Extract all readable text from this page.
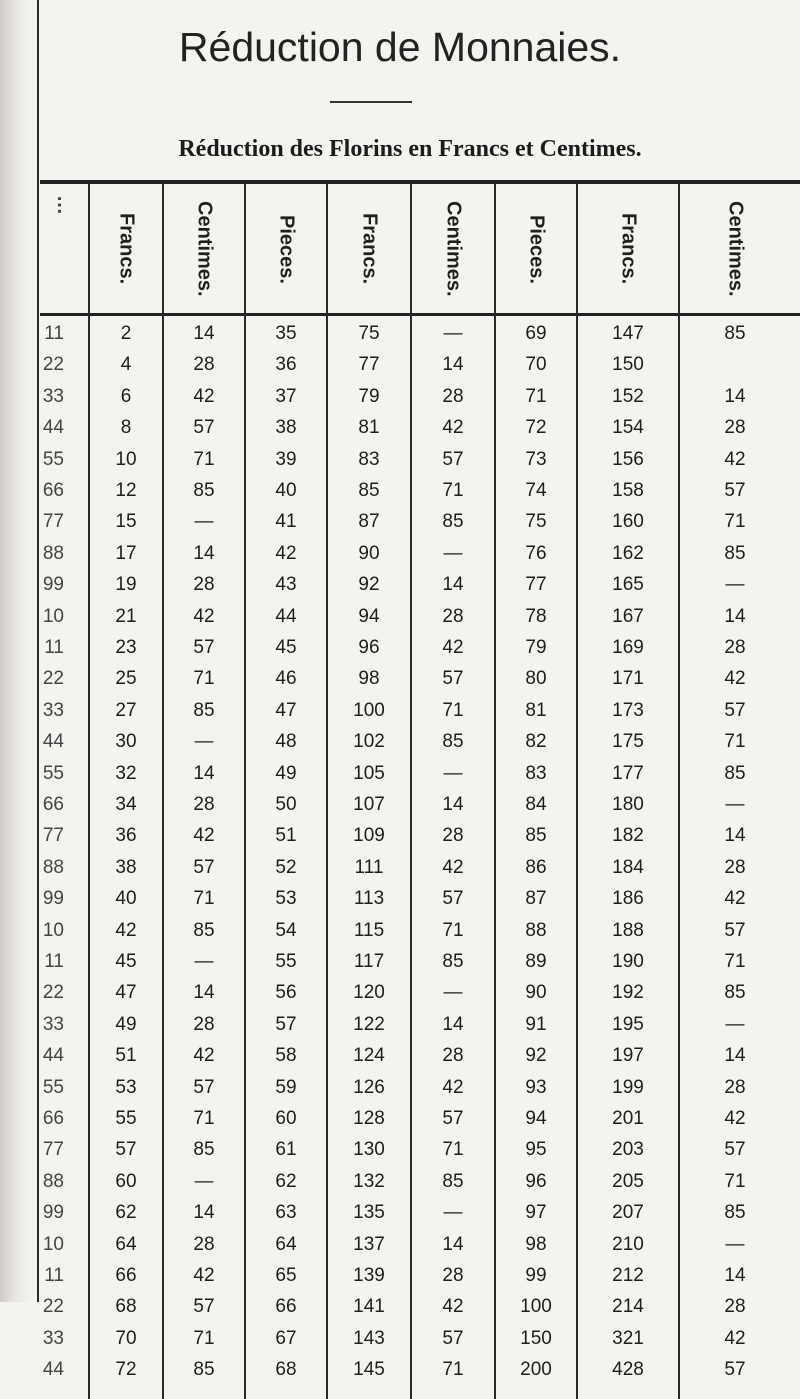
Réduction de Monnaies.
Réduction des Florins en Francs et Centimes.
…
Francs.	Centimes.	Pieces.	Francs.	Centimes.	Pieces.	Francs.	Centimes.
11	2	14	35	75	—	69	147	85
22	4	28	36	77	14	70	150
33	6	42	37	79	28	71	152	14
44	8	57	38	81	42	72	154	28
55	10	71	39	83	57	73	156	42
66	12	85	40	85	71	74	158	57
77	15	—	41	87	85	75	160	71
88	17	14	42	90	—	76	162	85
99	19	28	43	92	14	77	165	—
10	21	42	44	94	28	78	167	14
11	23	57	45	96	42	79	169	28
22	25	71	46	98	57	80	171	42
33	27	85	47	100	71	81	173	57
44	30	—	48	102	85	82	175	71
55	32	14	49	105	—	83	177	85
66	34	28	50	107	14	84	180	—
77	36	42	51	109	28	85	182	14
88	38	57	52	111	42	86	184	28
99	40	71	53	113	57	87	186	42
10	42	85	54	115	71	88	188	57
11	45	—	55	117	85	89	190	71
22	47	14	56	120	—	90	192	85
33	49	28	57	122	14	91	195	—
44	51	42	58	124	28	92	197	14
55	53	57	59	126	42	93	199	28
66	55	71	60	128	57	94	201	42
77	57	85	61	130	71	95	203	57
88	60	—	62	132	85	96	205	71
99	62	14	63	135	—	97	207	85
10	64	28	64	137	14	98	210	—
11	66	42	65	139	28	99	212	14
22	68	57	66	141	42	100	214	28
33	70	71	67	143	57	150	321	42
44	72	85	68	145	71	200	428	57
